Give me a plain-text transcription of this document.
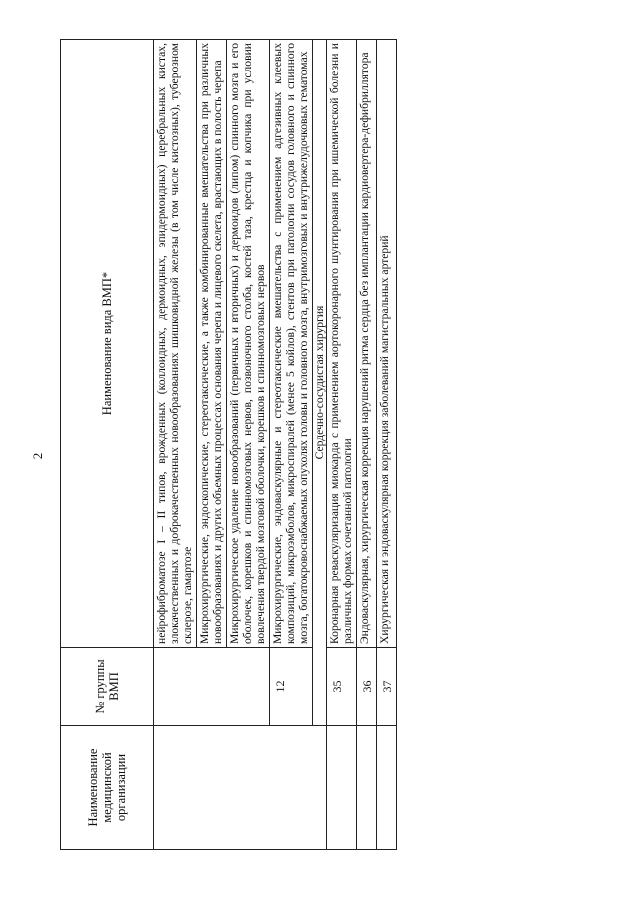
2
Наименование медицинской организации	№ группы ВМП	Наименование вида ВМП*
		нейрофиброматозе I – II типов, врожденных (коллоидных, дермоидных, эпидермоидных) церебральных кистах, злокачественных и доброкачественных новообразованиях шишковидной железы (в том числе кистозных), туберозном склерозе, гамартозе
		Микрохирургические, эндоскопические, стереотаксические, а также комбинированные вмешательства при различных новообразованиях и других объемных процессах основания черепа и лицевого скелета, врастающих в полость черепа
		Микрохирургическое удаление новообразований (первичных и вторичных) и дермоидов (липом) спинного мозга и его оболочек, корешков и спинномозговых нервов, позвоночного столба, костей таза, крестца и копчика при условии вовлечения твердой мозговой оболочки, корешков и спинномозговых нервов
	12	Микрохирургические, эндоваскулярные и стереотаксические вмешательства с применением адгезивных клеевых композиций, микроэмболов, микроспиралей (менее 5 койлов), стентов при патологии сосудов головного и спинного мозга, богатокровоснабжаемых опухолях головы и головного мозга, внутримозговых и внутрижелудочковых гематомах
	Сердечно-сосудистая хирургия	
	35	Коронарная реваскуляризация миокарда с применением аортокоронарного шунтирования при ишемической болезни и различных формах сочетанной патологии
	36	Эндоваскулярная, хирургическая коррекция нарушений ритма сердца без имплантации кардиовертера-дефибриллятора
	37	Хирургическая и эндоваскулярная коррекция заболеваний магистральных артерий
